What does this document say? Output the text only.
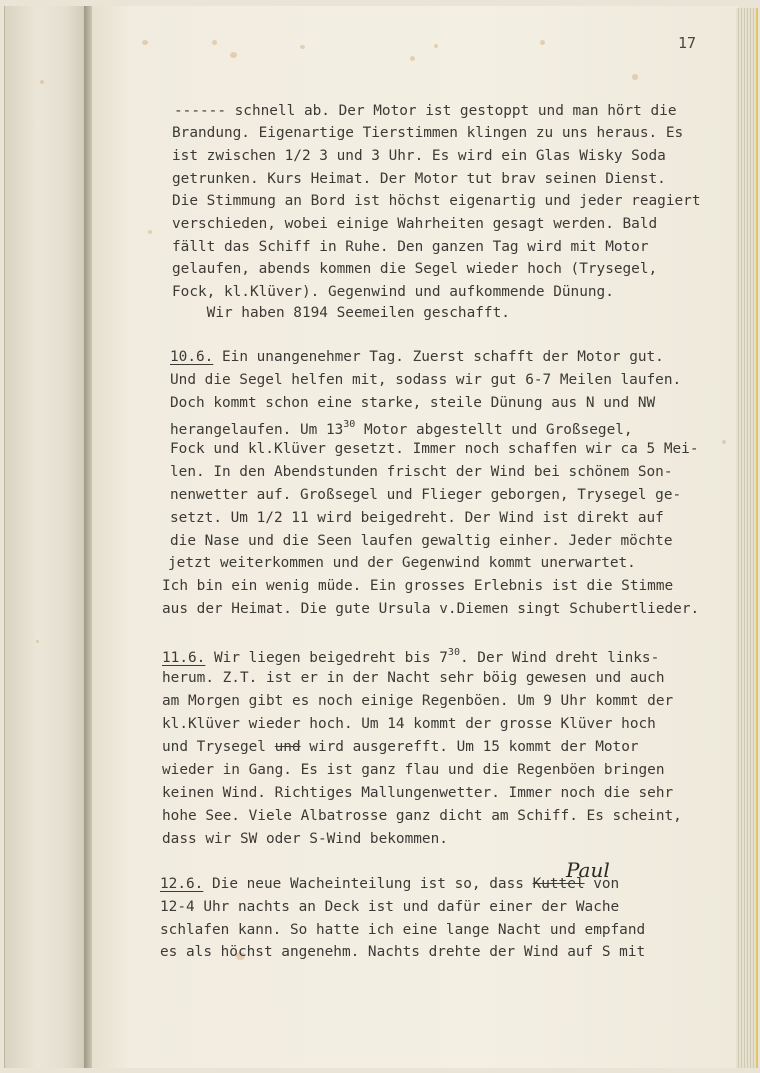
17
------ schnell ab. Der Motor ist gestoppt und man hört die
Brandung. Eigenartige Tierstimmen klingen zu uns heraus. Es
ist zwischen 1/2 3 und 3 Uhr. Es wird ein Glas Wisky Soda
getrunken. Kurs Heimat. Der Motor tut brav seinen Dienst.
Die Stimmung an Bord ist höchst eigenartig und jeder reagiert
verschieden, wobei einige Wahrheiten gesagt werden. Bald
fällt das Schiff in Ruhe. Den ganzen Tag wird mit Motor
gelaufen, abends kommen die Segel wieder hoch (Trysegel,
Fock, kl.Klüver). Gegenwind und aufkommende Dünung.
Wir haben 8194 Seemeilen geschafft.
10.6. Ein unangenehmer Tag. Zuerst schafft der Motor gut.
Und die Segel helfen mit, sodass wir gut 6-7 Meilen laufen.
Doch kommt schon eine starke, steile Dünung aus N und NW
herangelaufen. Um $13^{30}$ Motor abgestellt und Großsegel,
Fock und kl.Klüver gesetzt. Immer noch schaffen wir ca 5 Mei-
len. In den Abendstunden frischt der Wind bei schönem Son-
nenwetter auf. Großsegel und Flieger geborgen, Trysegel ge-
setzt. Um 1/2 11 wird beigedreht. Der Wind ist direkt auf
die Nase und die Seen laufen gewaltig einher. Jeder möchte
jetzt weiterkommen und der Gegenwind kommt unerwartet.
Ich bin ein wenig müde. Ein grosses Erlebnis ist die Stimme
aus der Heimat. Die gute Ursula v.Diemen singt Schubertlieder.
11.6. Wir liegen beigedreht bis $7^{30}$. Der Wind dreht links-
herum. Z.T. ist er in der Nacht sehr böig gewesen und auch
am Morgen gibt es noch einige Regenböen. Um 9 Uhr kommt der
kl.Klüver wieder hoch. Um 14 kommt der grosse Klüver hoch
und Trysegel und wird ausgerefft. Um 15 kommt der Motor
wieder in Gang. Es ist ganz flau und die Regenböen bringen
keinen Wind. Richtiges Mallungenwetter. Immer noch die sehr
hohe See. Viele Albatrosse ganz dicht am Schiff. Es scheint,
dass wir SW oder S-Wind bekommen.
Paul
12.6. Die neue Wacheinteilung ist so, dass Kuttel von
12-4 Uhr nachts an Deck ist und dafür einer der Wache
schlafen kann. So hatte ich eine lange Nacht und empfand
es als höchst angenehm. Nachts drehte der Wind auf S mit
